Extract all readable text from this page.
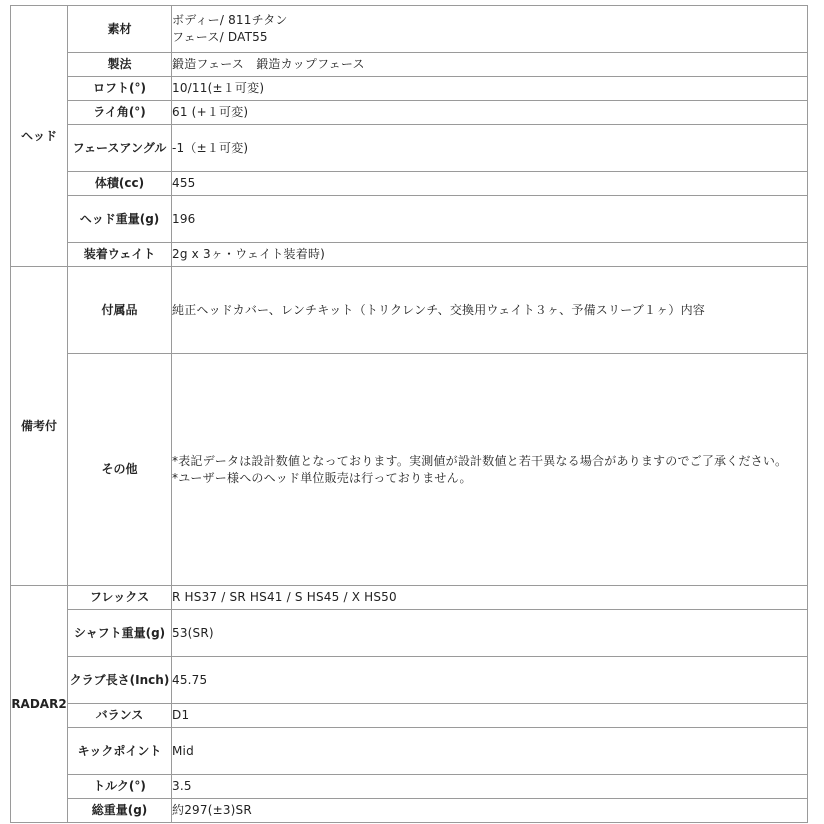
ヘッド	素材	ボディー/ 811チタン
フェース/ DAT55

	製法	鍛造フェース　鍛造カップフェース
	ロフト(°)	10/11(±１可変)
	ライ角(°)	61 (+１可変)
	フェースアングル	-1（±１可変)
	体積(cc)	455
	ヘッド重量(g)	196
	装着ウェイト	2g x 3ヶ・ウェイト装着時)
備考付	付属品	純正ヘッドカバー、レンチキット（トリクレンチ、交換用ウェイト３ヶ、予備スリーブ１ヶ）内容
	その他	*表記データは設計数値となっております。実測値が設計数値と若干異なる場合がありますのでご了承ください。
*ユーザー様へのヘッド単位販売は行っておりません。

RADAR2	フレックス	R HS37 / SR HS41 / S HS45 / X HS50
	シャフト重量(g)	53(SR)
	クラブ長さ(Inch)	45.75
	バランス	D1
	キックポイント	Mid
	トルク(°)	3.5
	総重量(g)	約297(±3)SR
